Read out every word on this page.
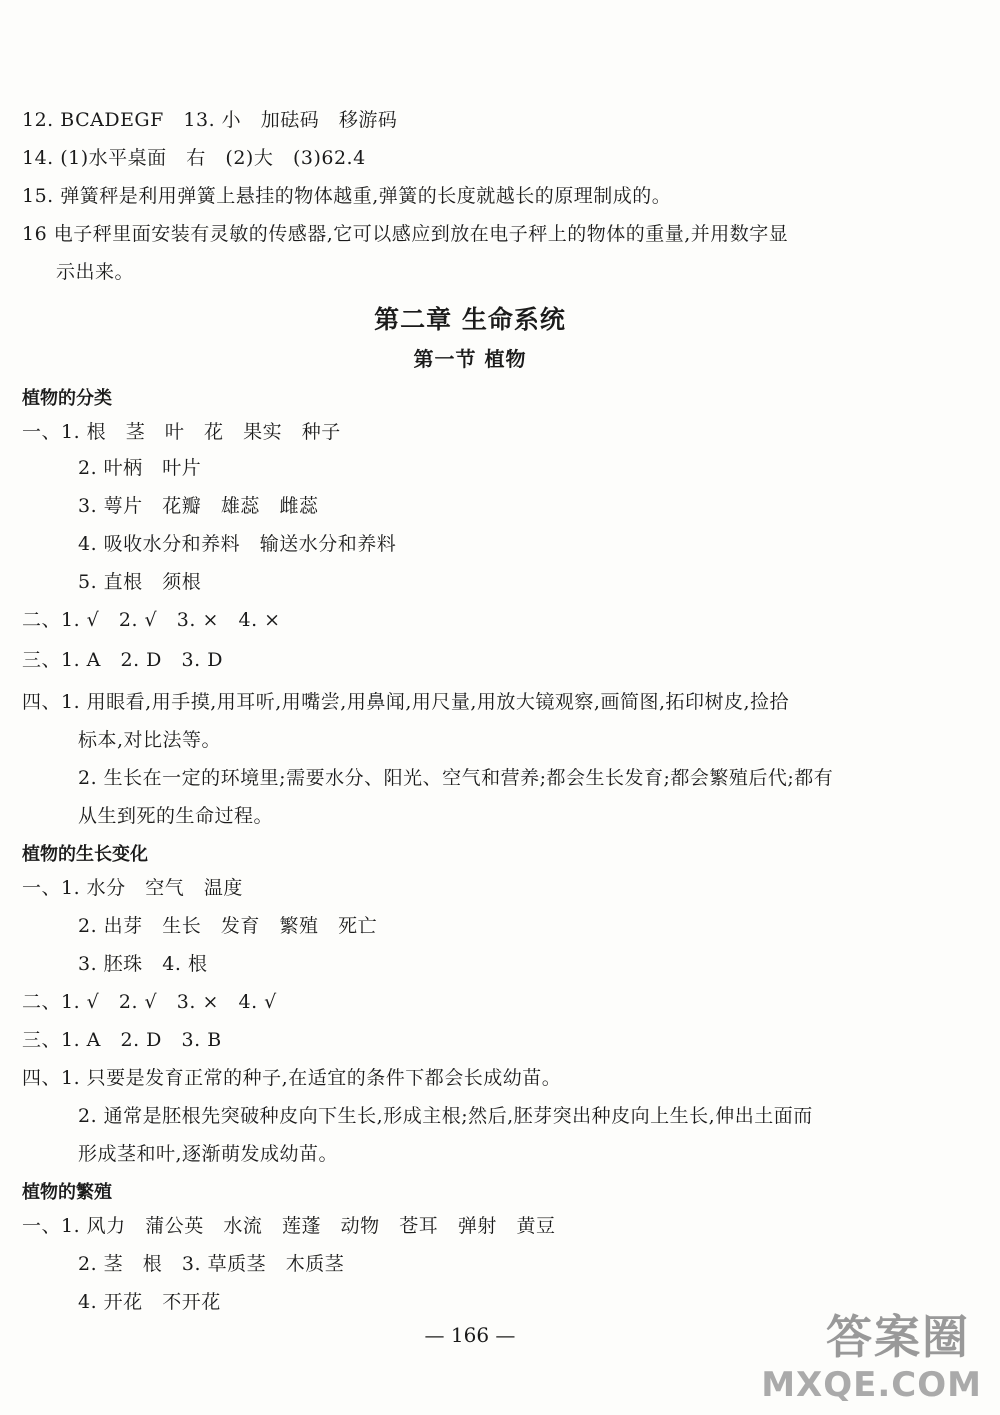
12. BCADEGF   13. 小   加砝码   移游码
14. (1)水平桌面   右   (2)大   (3)62.4
15. 弹簧秤是利用弹簧上悬挂的物体越重,弹簧的长度就越长的原理制成的。
16 电子秤里面安装有灵敏的传感器,它可以感应到放在电子秤上的物体的重量,并用数字显
示出来。
第二章 生命系统
第一节 植物
植物的分类
一、1. 根   茎   叶   花   果实   种子
2. 叶柄   叶片
3. 萼片   花瓣   雄蕊   雌蕊
4. 吸收水分和养料   输送水分和养料
5. 直根   须根
二、1. √   2. √   3. ×   4. ×
三、1. A   2. D   3. D
四、1. 用眼看,用手摸,用耳听,用嘴尝,用鼻闻,用尺量,用放大镜观察,画简图,拓印树皮,捡拾
标本,对比法等。
2. 生长在一定的环境里;需要水分、阳光、空气和营养;都会生长发育;都会繁殖后代;都有
从生到死的生命过程。
植物的生长变化
一、1. 水分   空气   温度
2. 出芽   生长   发育   繁殖   死亡
3. 胚珠   4. 根
二、1. √   2. √   3. ×   4. √
三、1. A   2. D   3. B
四、1. 只要是发育正常的种子,在适宜的条件下都会长成幼苗。
2. 通常是胚根先突破种皮向下生长,形成主根;然后,胚芽突出种皮向上生长,伸出土面而
形成茎和叶,逐渐萌发成幼苗。
植物的繁殖
一、1. 风力   蒲公英   水流   莲蓬   动物   苍耳   弹射   黄豆
2. 茎   根   3. 草质茎   木质茎
4. 开花   不开花
— 166 —	答案圈
MXQE.COM
